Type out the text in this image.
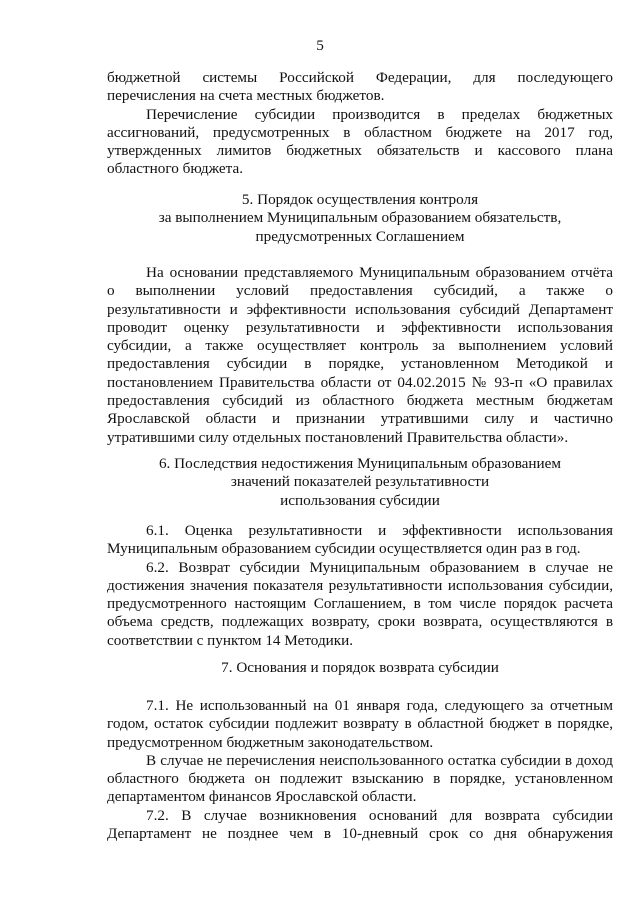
5

бюджетной системы Российской Федерации, для последующего

перечисления на счета местных бюджетов.

Перечисление субсидии производится в пределах бюджетных

ассигнований, предусмотренных в областном бюджете на 2017 год,

утвержденных лимитов бюджетных обязательств и кассового плана

областного бюджета.

5. Порядок осуществления контроля

за выполнением Муниципальным образованием обязательств,

предусмотренных Соглашением

На основании представляемого Муниципальным образованием отчёта

о выполнении условий предоставления субсидий, а также о

результативности и эффективности использования субсидий Департамент

проводит оценку результативности и эффективности использования

субсидии, а также осуществляет контроль за выполнением условий

предоставления субсидии в порядке, установленном Методикой и

постановлением Правительства области от 04.02.2015 № 93-п «О правилах

предоставления субсидий из областного бюджета местным бюджетам

Ярославской области и признании утратившими силу и частично

утратившими силу отдельных постановлений Правительства области».

6. Последствия недостижения Муниципальным образованием

значений показателей результативности

использования субсидии

6.1. Оценка результативности и эффективности использования

Муниципальным образованием субсидии осуществляется один раз в год.

6.2. Возврат субсидии Муниципальным образованием в случае не

достижения значения показателя результативности использования субсидии,

предусмотренного настоящим Соглашением, в том числе порядок расчета

объема средств, подлежащих возврату, сроки возврата, осуществляются в

соответствии с пунктом 14 Методики.

7. Основания и порядок возврата субсидии

7.1. Не использованный на 01 января года, следующего за отчетным

годом, остаток субсидии подлежит возврату в областной бюджет в порядке,

предусмотренном бюджетным законодательством.

В случае не перечисления неиспользованного остатка субсидии в доход

областного бюджета он подлежит взысканию в порядке, установленном

департаментом финансов Ярославской области.

7.2. В случае возникновения оснований для возврата субсидии

Департамент не позднее чем в 10-дневный срок со дня обнаружения
